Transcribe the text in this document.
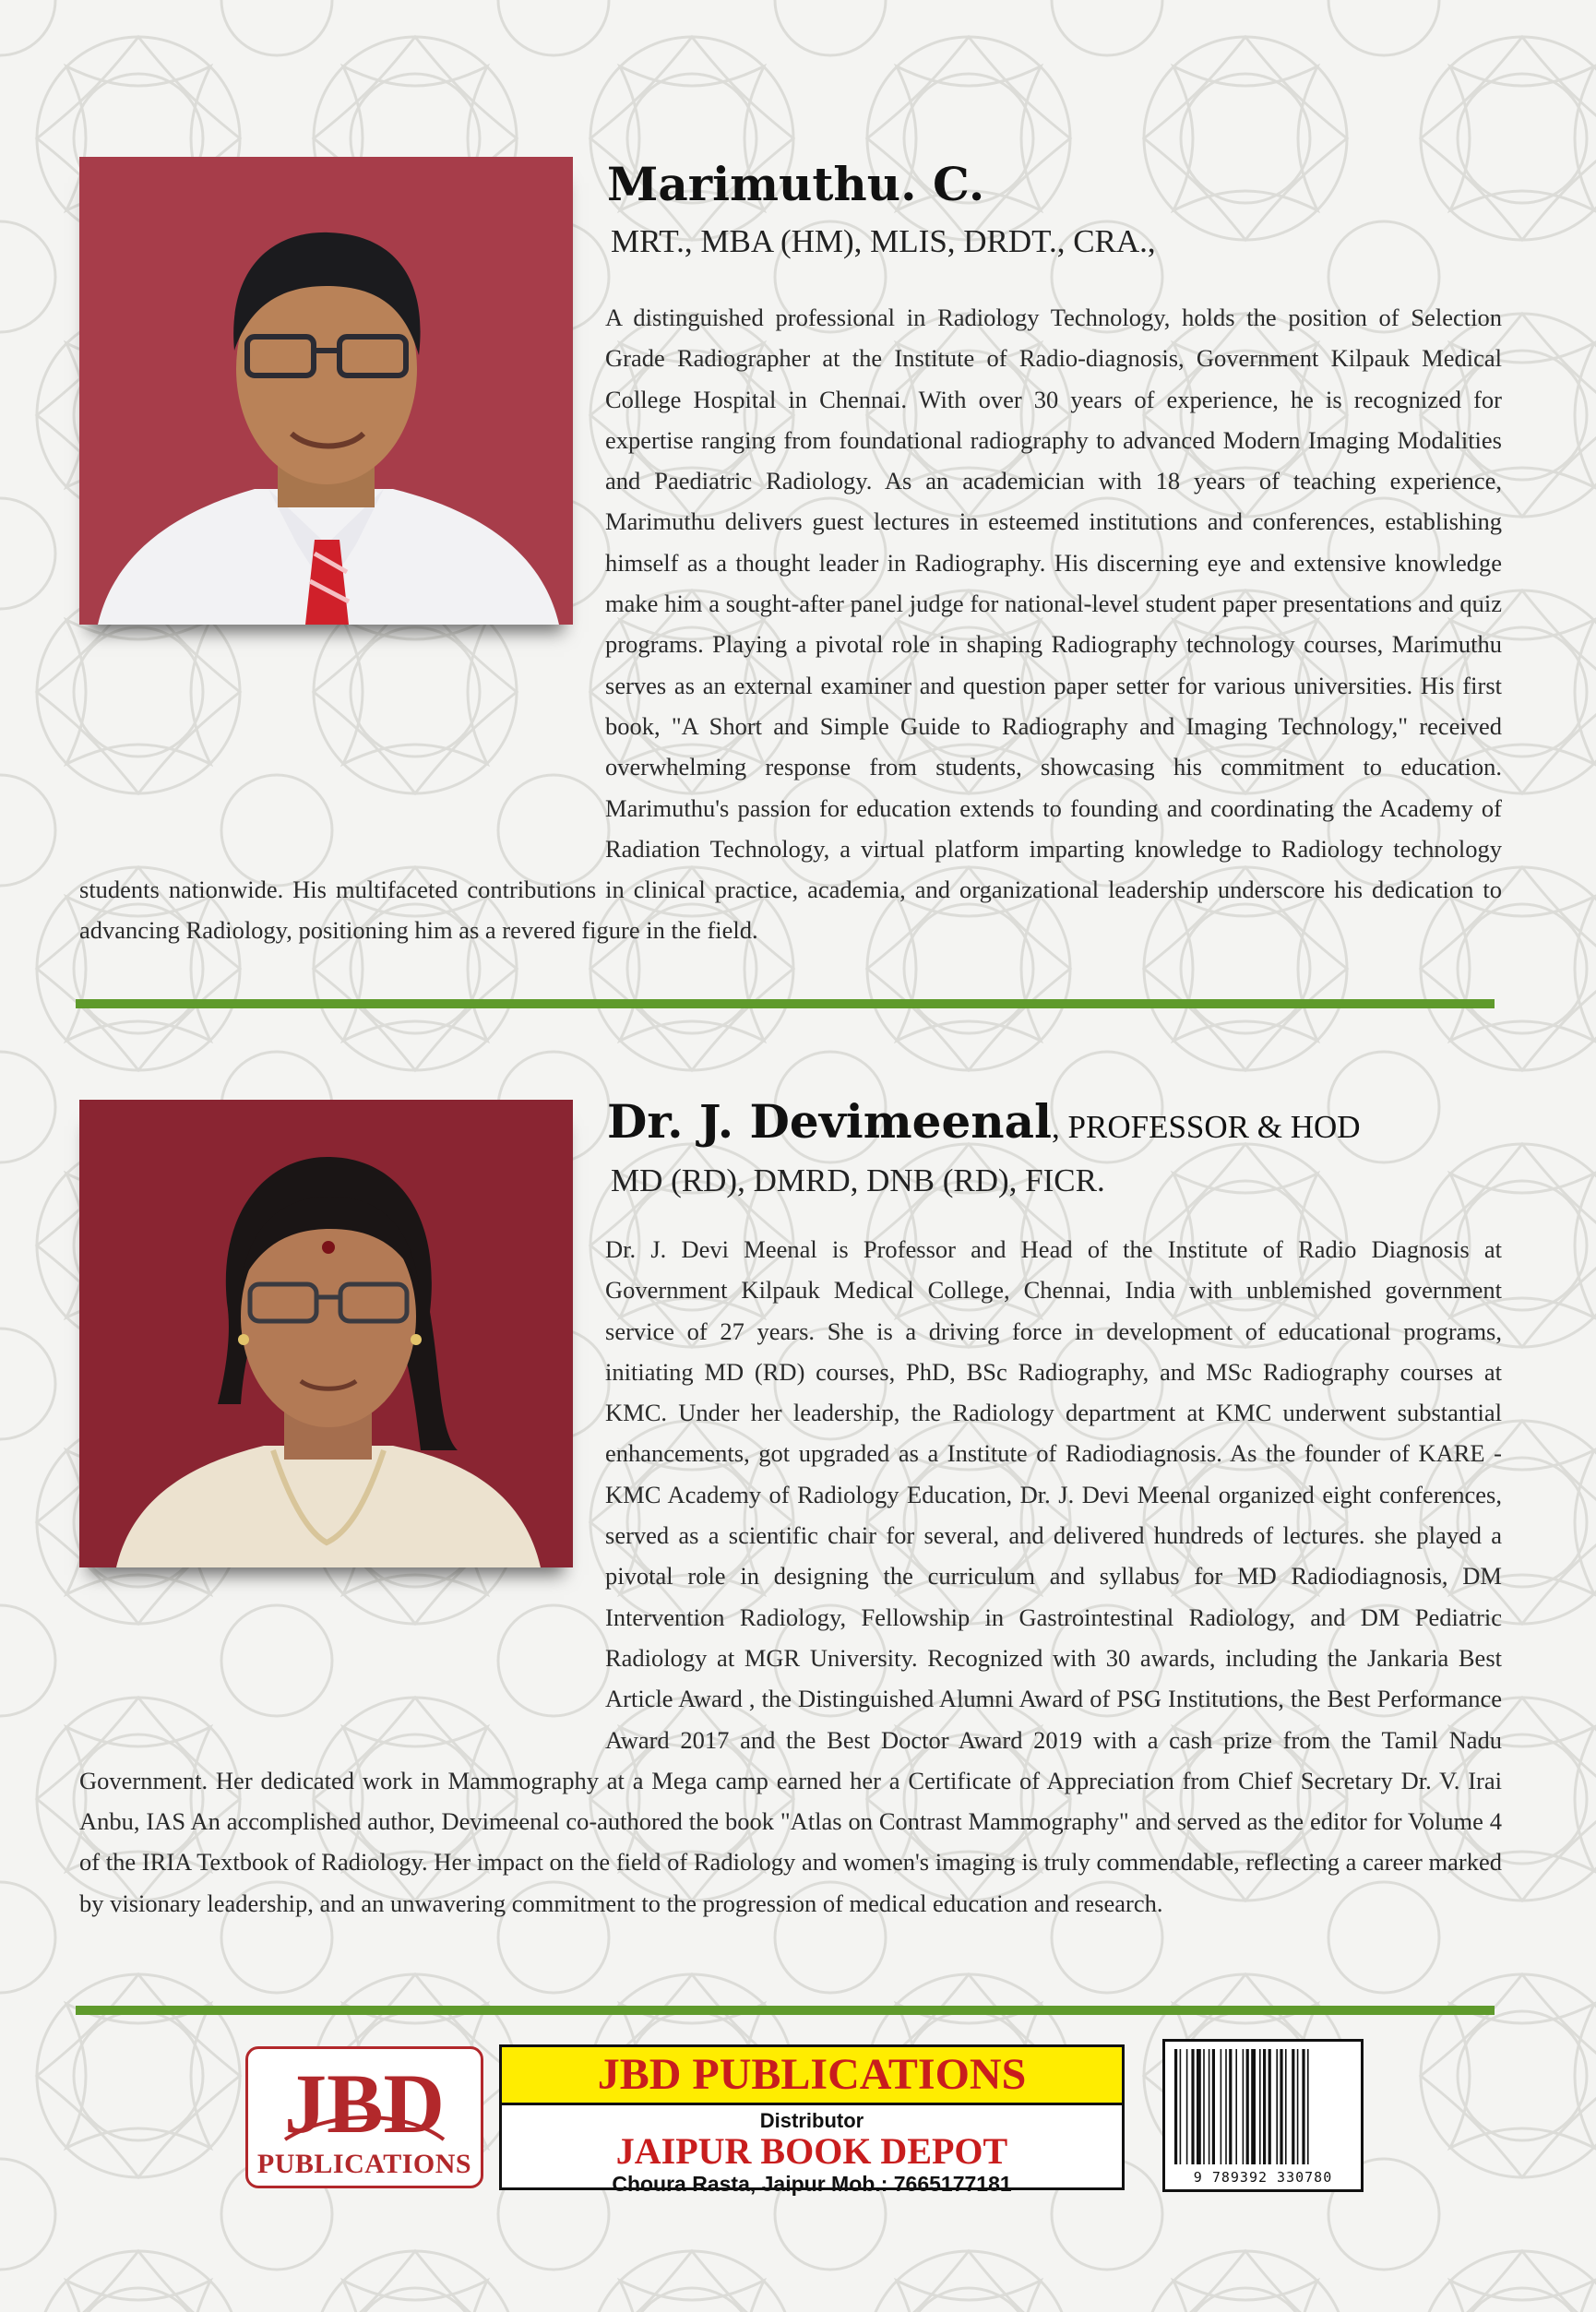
Marimuthu. C.
MRT., MBA (HM), MLIS, DRDT., CRA.,

A distinguished professional in Radiology Technology, holds the position of Selection Grade Radiographer at the Institute of Radio-diagnosis, Government Kilpauk Medical College Hospital in Chennai. With over 30 years of experience, he is recognized for expertise ranging from foundational radiography to advanced Modern Imaging Modalities and Paediatric Radiology. As an academician with 18 years of teaching experience, Marimuthu delivers guest lectures in esteemed institutions and conferences, establishing himself as a thought leader in Radiography. His discerning eye and extensive knowledge make him a sought-after panel judge for national-level student paper presentations and quiz programs. Playing a pivotal role in shaping Radiography technology courses, Marimuthu serves as an external examiner and question paper setter for various universities. His first book, "A Short and Simple Guide to Radiography and Imaging Technology," received overwhelming response from students, showcasing his commitment to education. Marimuthu's passion for education extends to founding and coordinating the Academy of Radiation Technology, a virtual platform imparting knowledge to Radiology technology students nationwide. His multifaceted contributions in clinical practice, academia, and organizational leadership underscore his dedication to advancing Radiology, positioning him as a revered figure in the field.

Dr. J. Devimeenal, PROFESSOR & HOD
MD (RD), DMRD, DNB (RD), FICR.

Dr. J. Devi Meenal is Professor and Head of the Institute of Radio Diagnosis at Government Kilpauk Medical College, Chennai, India with unblemished government service of 27 years. She is a driving force in development of educational programs, initiating MD (RD) courses, PhD, BSc Radiography, and MSc Radiography courses at KMC. Under her leadership, the Radiology department at KMC underwent substantial enhancements, got upgraded as a Institute of Radiodiagnosis. As the founder of KARE - KMC Academy of Radiology Education, Dr. J. Devi Meenal organized eight conferences, served as a scientific chair for several, and delivered hundreds of lectures. she played a pivotal role in designing the curriculum and syllabus for MD Radiodiagnosis, DM Intervention Radiology, Fellowship in Gastrointestinal Radiology, and DM Pediatric Radiology at MGR University. Recognized with 30 awards, including the Jankaria Best Article Award , the Distinguished Alumni Award of PSG Institutions, the Best Performance Award 2017 and the Best Doctor Award 2019 with a cash prize from the Tamil Nadu Government. Her dedicated work in Mammography at a Mega camp earned her a Certificate of Appreciation from Chief Secretary Dr. V. Irai Anbu, IAS An accomplished author, Devimeenal co-authored the book "Atlas on Contrast Mammography" and served as the editor for Volume 4 of the IRIA Textbook of Radiology. Her impact on the field of Radiology and women's imaging is truly commendable, reflecting a career marked by visionary leadership, and an unwavering commitment to the progression of medical education and research.

JBD
PUBLICATIONS
JBD PUBLICATIONS
Distributor
JAIPUR BOOK DEPOT
Choura Rasta, Jaipur Mob.: 7665177181	9 789392 330780
